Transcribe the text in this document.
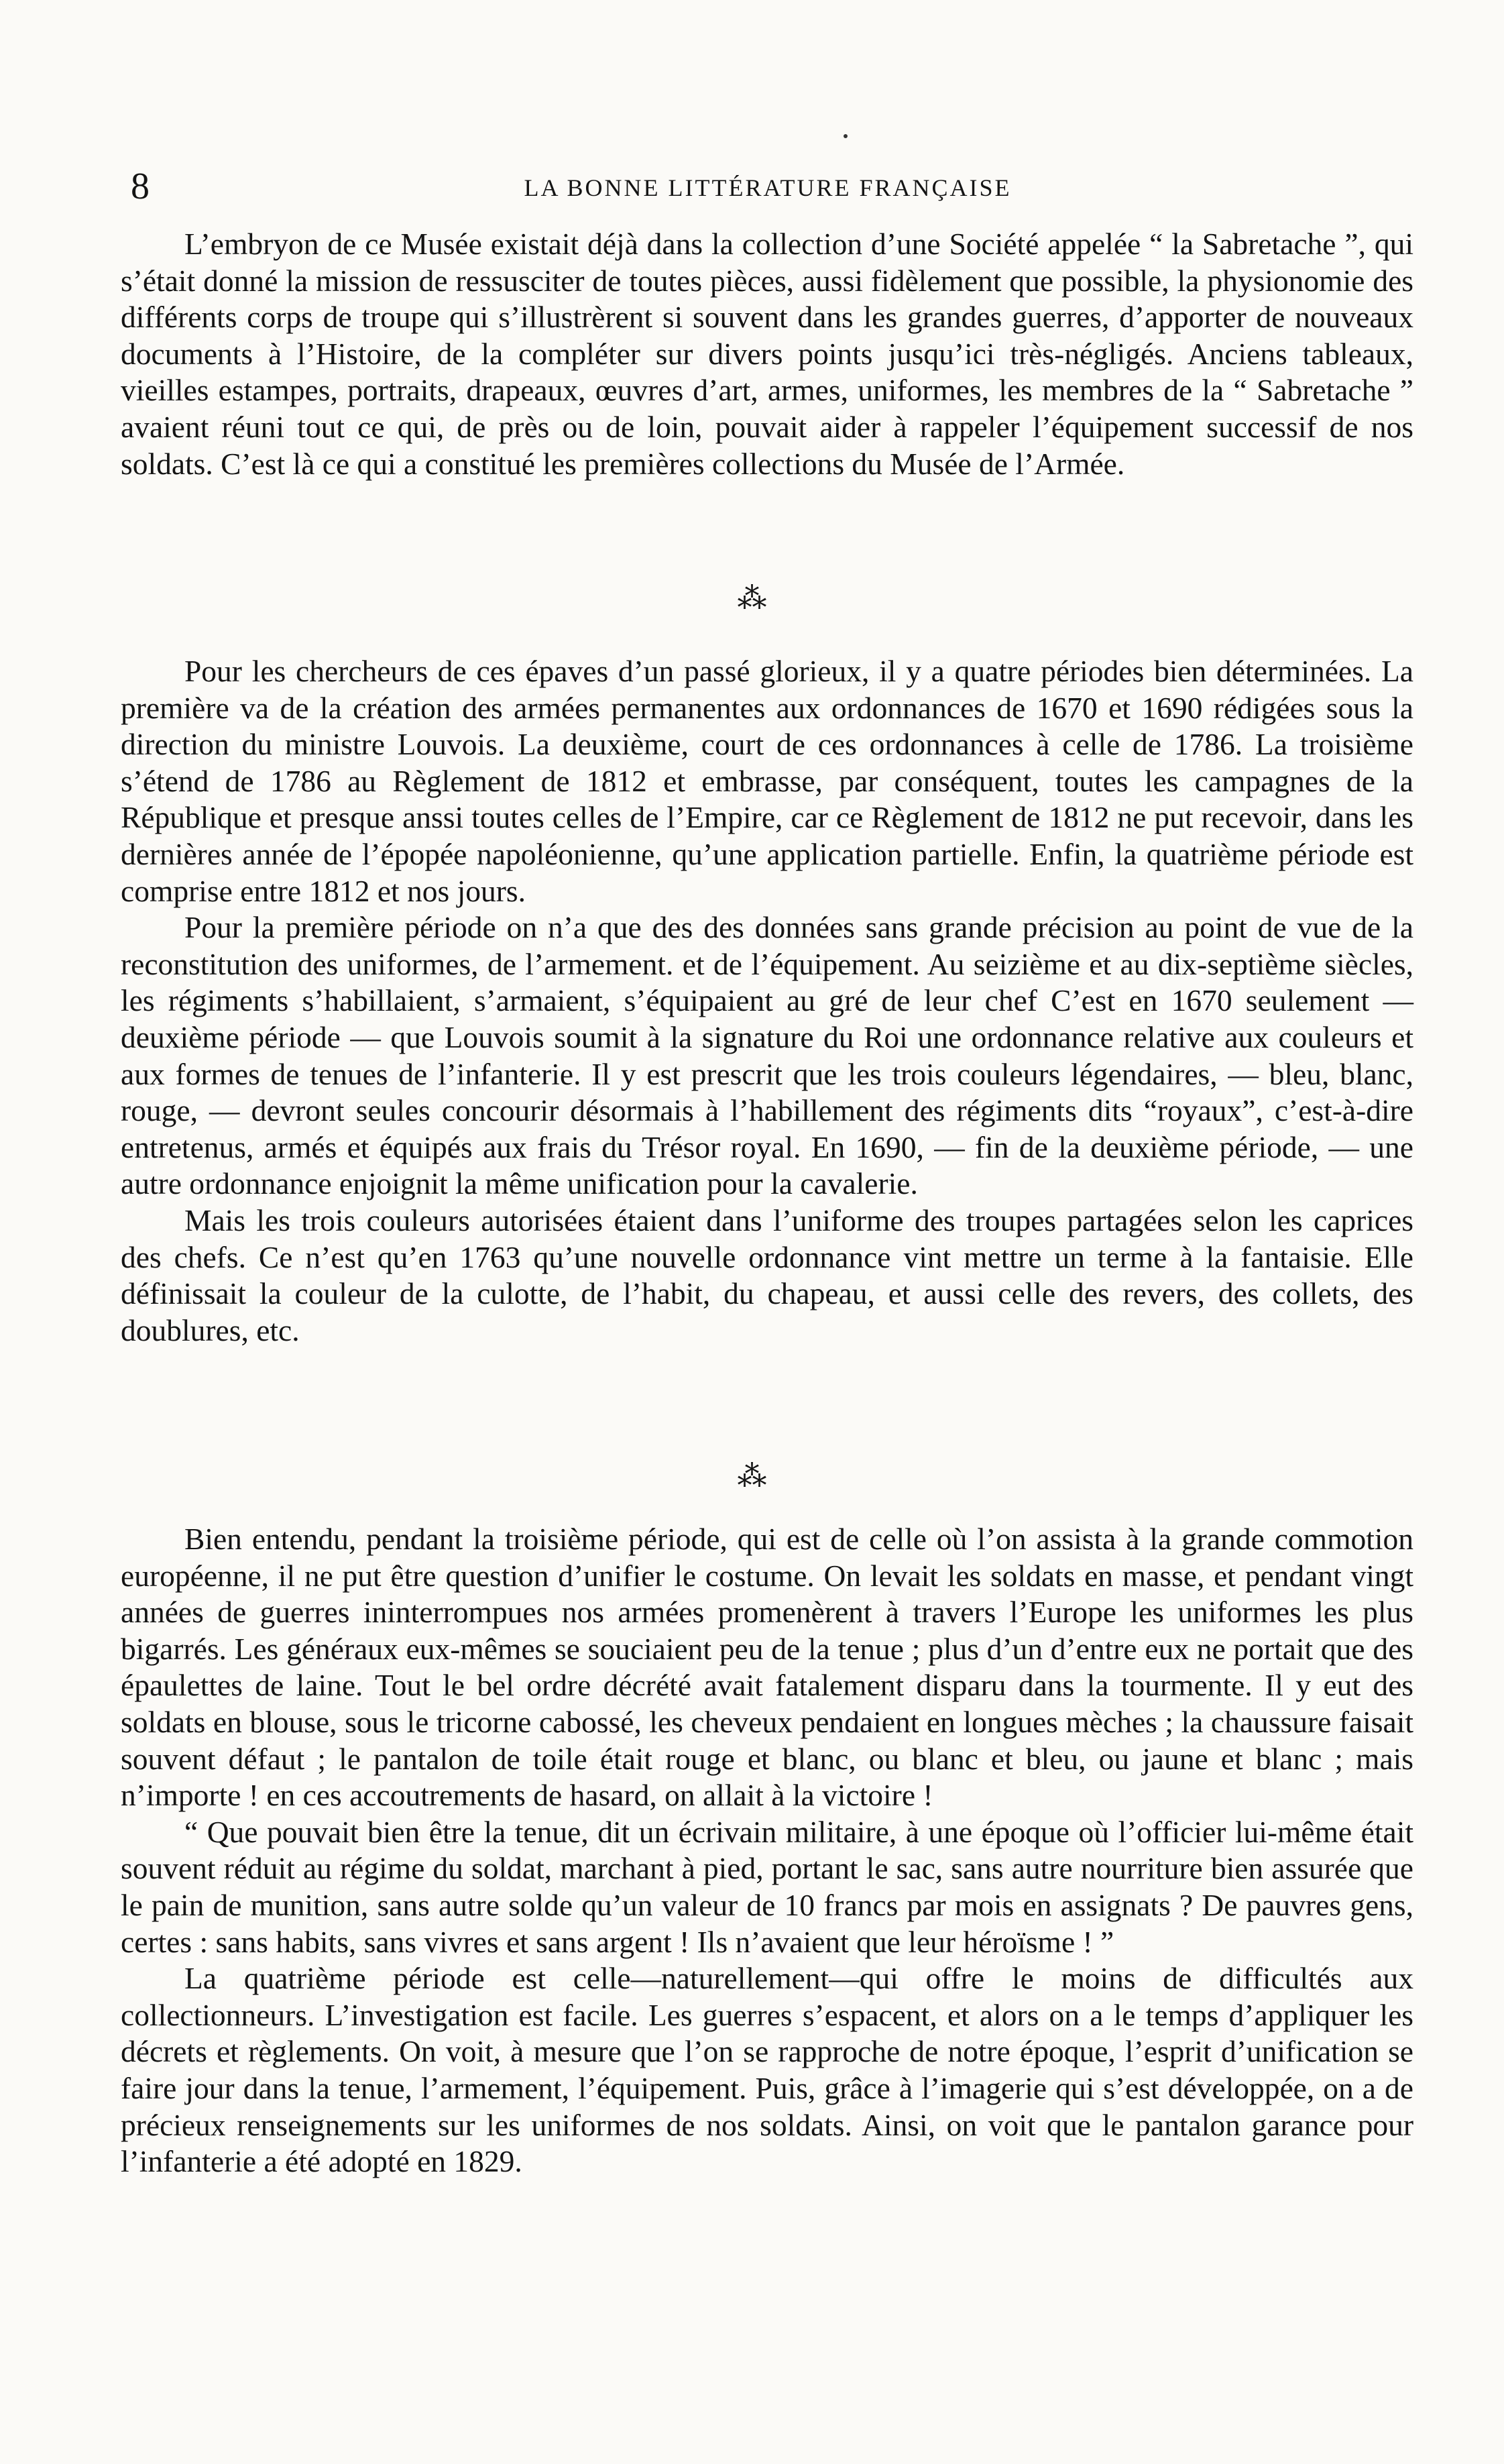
8	LA BONNE LITTÉRATURE FRANÇAISE

L’embryon de ce Musée existait déjà dans la collection d’une Société appelée “ la Sabretache ”, qui s’était donné la mission de ressusciter de toutes pièces, aussi fidèlement que possible, la physionomie des différents corps de troupe qui s’illustrèrent si souvent dans les grandes guerres, d’apporter de nouveaux documents à l’Histoire, de la compléter sur divers points jusqu’ici très-négligés. Anciens tableaux, vieilles estampes, portraits, drapeaux, œuvres d’art, armes, uniformes, les membres de la “ Sabretache ” avaient réuni tout ce qui, de près ou de loin, pouvait aider à rappeler l’équipement successif de nos soldats. C’est là ce qui a constitué les premières collections du Musée de l’Armée.

⁂

Pour les chercheurs de ces épaves d’un passé glorieux, il y a quatre périodes bien déterminées. La première va de la création des armées permanentes aux ordonnances de 1670 et 1690 rédigées sous la direction du ministre Louvois. La deuxième, court de ces ordonnances à celle de 1786. La troisième s’étend de 1786 au Règlement de 1812 et embrasse, par conséquent, toutes les campagnes de la République et presque anssi toutes celles de l’Empire, car ce Règlement de 1812 ne put recevoir, dans les dernières année de l’épopée napoléonienne, qu’une application partielle. Enfin, la quatrième période est comprise entre 1812 et nos jours.

Pour la première période on n’a que des des données sans grande précision au point de vue de la reconstitution des uniformes, de l’armement. et de l’équipement. Au seizième et au dix-septième siècles, les régiments s’habillaient, s’armaient, s’équipaient au gré de leur chef C’est en 1670 seulement — deuxième période — que Louvois soumit à la signature du Roi une ordonnance relative aux couleurs et aux formes de tenues de l’infanterie. Il y est prescrit que les trois couleurs légendaires, — bleu, blanc, rouge, — devront seules concourir désormais à l’habillement des régiments dits “royaux”, c’est-à-dire entretenus, armés et équipés aux frais du Trésor royal. En 1690, — fin de la deuxième période, — une autre ordonnance enjoignit la même unification pour la cavalerie.

Mais les trois couleurs autorisées étaient dans l’uniforme des troupes partagées selon les caprices des chefs. Ce n’est qu’en 1763 qu’une nouvelle ordonnance vint mettre un terme à la fantaisie. Elle définissait la couleur de la culotte, de l’habit, du chapeau, et aussi celle des revers, des collets, des doublures, etc.

⁂

Bien entendu, pendant la troisième période, qui est de celle où l’on assista à la grande commotion européenne, il ne put être question d’unifier le costume. On levait les soldats en masse, et pendant vingt années de guerres ininterrompues nos armées promenèrent à travers l’Europe les uniformes les plus bigarrés. Les généraux eux-mêmes se souciaient peu de la tenue ; plus d’un d’entre eux ne portait que des épaulettes de laine. Tout le bel ordre décrété avait fatalement disparu dans la tourmente. Il y eut des soldats en blouse, sous le tricorne cabossé, les cheveux pendaient en longues mèches ; la chaussure faisait souvent défaut ; le pantalon de toile était rouge et blanc, ou blanc et bleu, ou jaune et blanc ; mais n’importe ! en ces accoutrements de hasard, on allait à la victoire !

“ Que pouvait bien être la tenue, dit un écrivain militaire, à une époque où l’officier lui-même était souvent réduit au régime du soldat, marchant à pied, portant le sac, sans autre nourriture bien assurée que le pain de munition, sans autre solde qu’un valeur de 10 francs par mois en assignats ? De pauvres gens, certes : sans habits, sans vivres et sans argent ! Ils n’avaient que leur héroïsme ! ”

La quatrième période est celle—naturellement—qui offre le moins de difficultés aux collectionneurs. L’investigation est facile. Les guerres s’espacent, et alors on a le temps d’appliquer les décrets et règlements. On voit, à mesure que l’on se rapproche de notre époque, l’esprit d’unification se faire jour dans la tenue, l’armement, l’équipement. Puis, grâce à l’imagerie qui s’est développée, on a de précieux renseignements sur les uniformes de nos soldats. Ainsi, on voit que le pantalon garance pour l’infanterie a été adopté en 1829.
